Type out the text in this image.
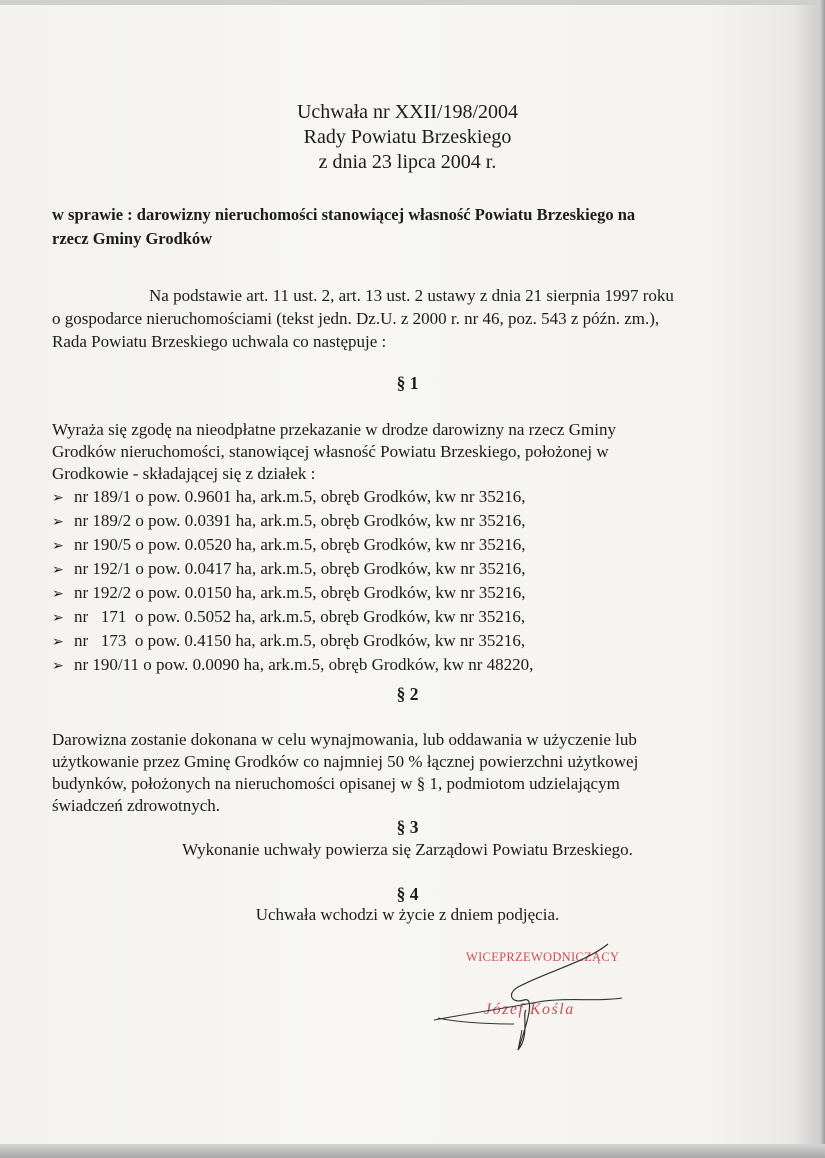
Uchwała nr XXII/198/2004
Rady Powiatu Brzeskiego
z dnia 23 lipca 2004 r.
w sprawie : darowizny nieruchomości stanowiącej własność Powiatu Brzeskiego na
rzecz Gminy Grodków
Na podstawie art. 11 ust. 2, art. 13 ust. 2 ustawy z dnia 21 sierpnia 1997 roku
o gospodarce nieruchomościami (tekst jedn. Dz.U. z 2000 r. nr 46, poz. 543 z późn. zm.),
Rada Powiatu Brzeskiego uchwala co następuje :
§ 1
Wyraża się zgodę na nieodpłatne przekazanie w drodze darowizny na rzecz Gminy
Grodków nieruchomości, stanowiącej własność Powiatu Brzeskiego, położonej w
Grodkowie - składającej się z działek :
➢ nr 189/1 o pow. 0.9601 ha, ark.m.5, obręb Grodków, kw nr 35216,
➢ nr 189/2 o pow. 0.0391 ha, ark.m.5, obręb Grodków, kw nr 35216,
➢ nr 190/5 o pow. 0.0520 ha, ark.m.5, obręb Grodków, kw nr 35216,
➢ nr 192/1 o pow. 0.0417 ha, ark.m.5, obręb Grodków, kw nr 35216,
➢ nr 192/2 o pow. 0.0150 ha, ark.m.5, obręb Grodków, kw nr 35216,
➢ nr   171  o pow. 0.5052 ha, ark.m.5, obręb Grodków, kw nr 35216,
➢ nr   173  o pow. 0.4150 ha, ark.m.5, obręb Grodków, kw nr 35216,
➢ nr 190/11 o pow. 0.0090 ha, ark.m.5, obręb Grodków, kw nr 48220,
§ 2
Darowizna zostanie dokonana w celu wynajmowania, lub oddawania w użyczenie lub
użytkowanie przez Gminę Grodków co najmniej 50 % łącznej powierzchni użytkowej
budynków, położonych na nieruchomości opisanej w § 1, podmiotom udzielającym
świadczeń zdrowotnych.
§ 3
Wykonanie uchwały powierza się Zarządowi Powiatu Brzeskiego.
§ 4
Uchwała wchodzi w życie z dniem podjęcia.
WICEPRZEWODNICZĄCY
Józef Kośla
